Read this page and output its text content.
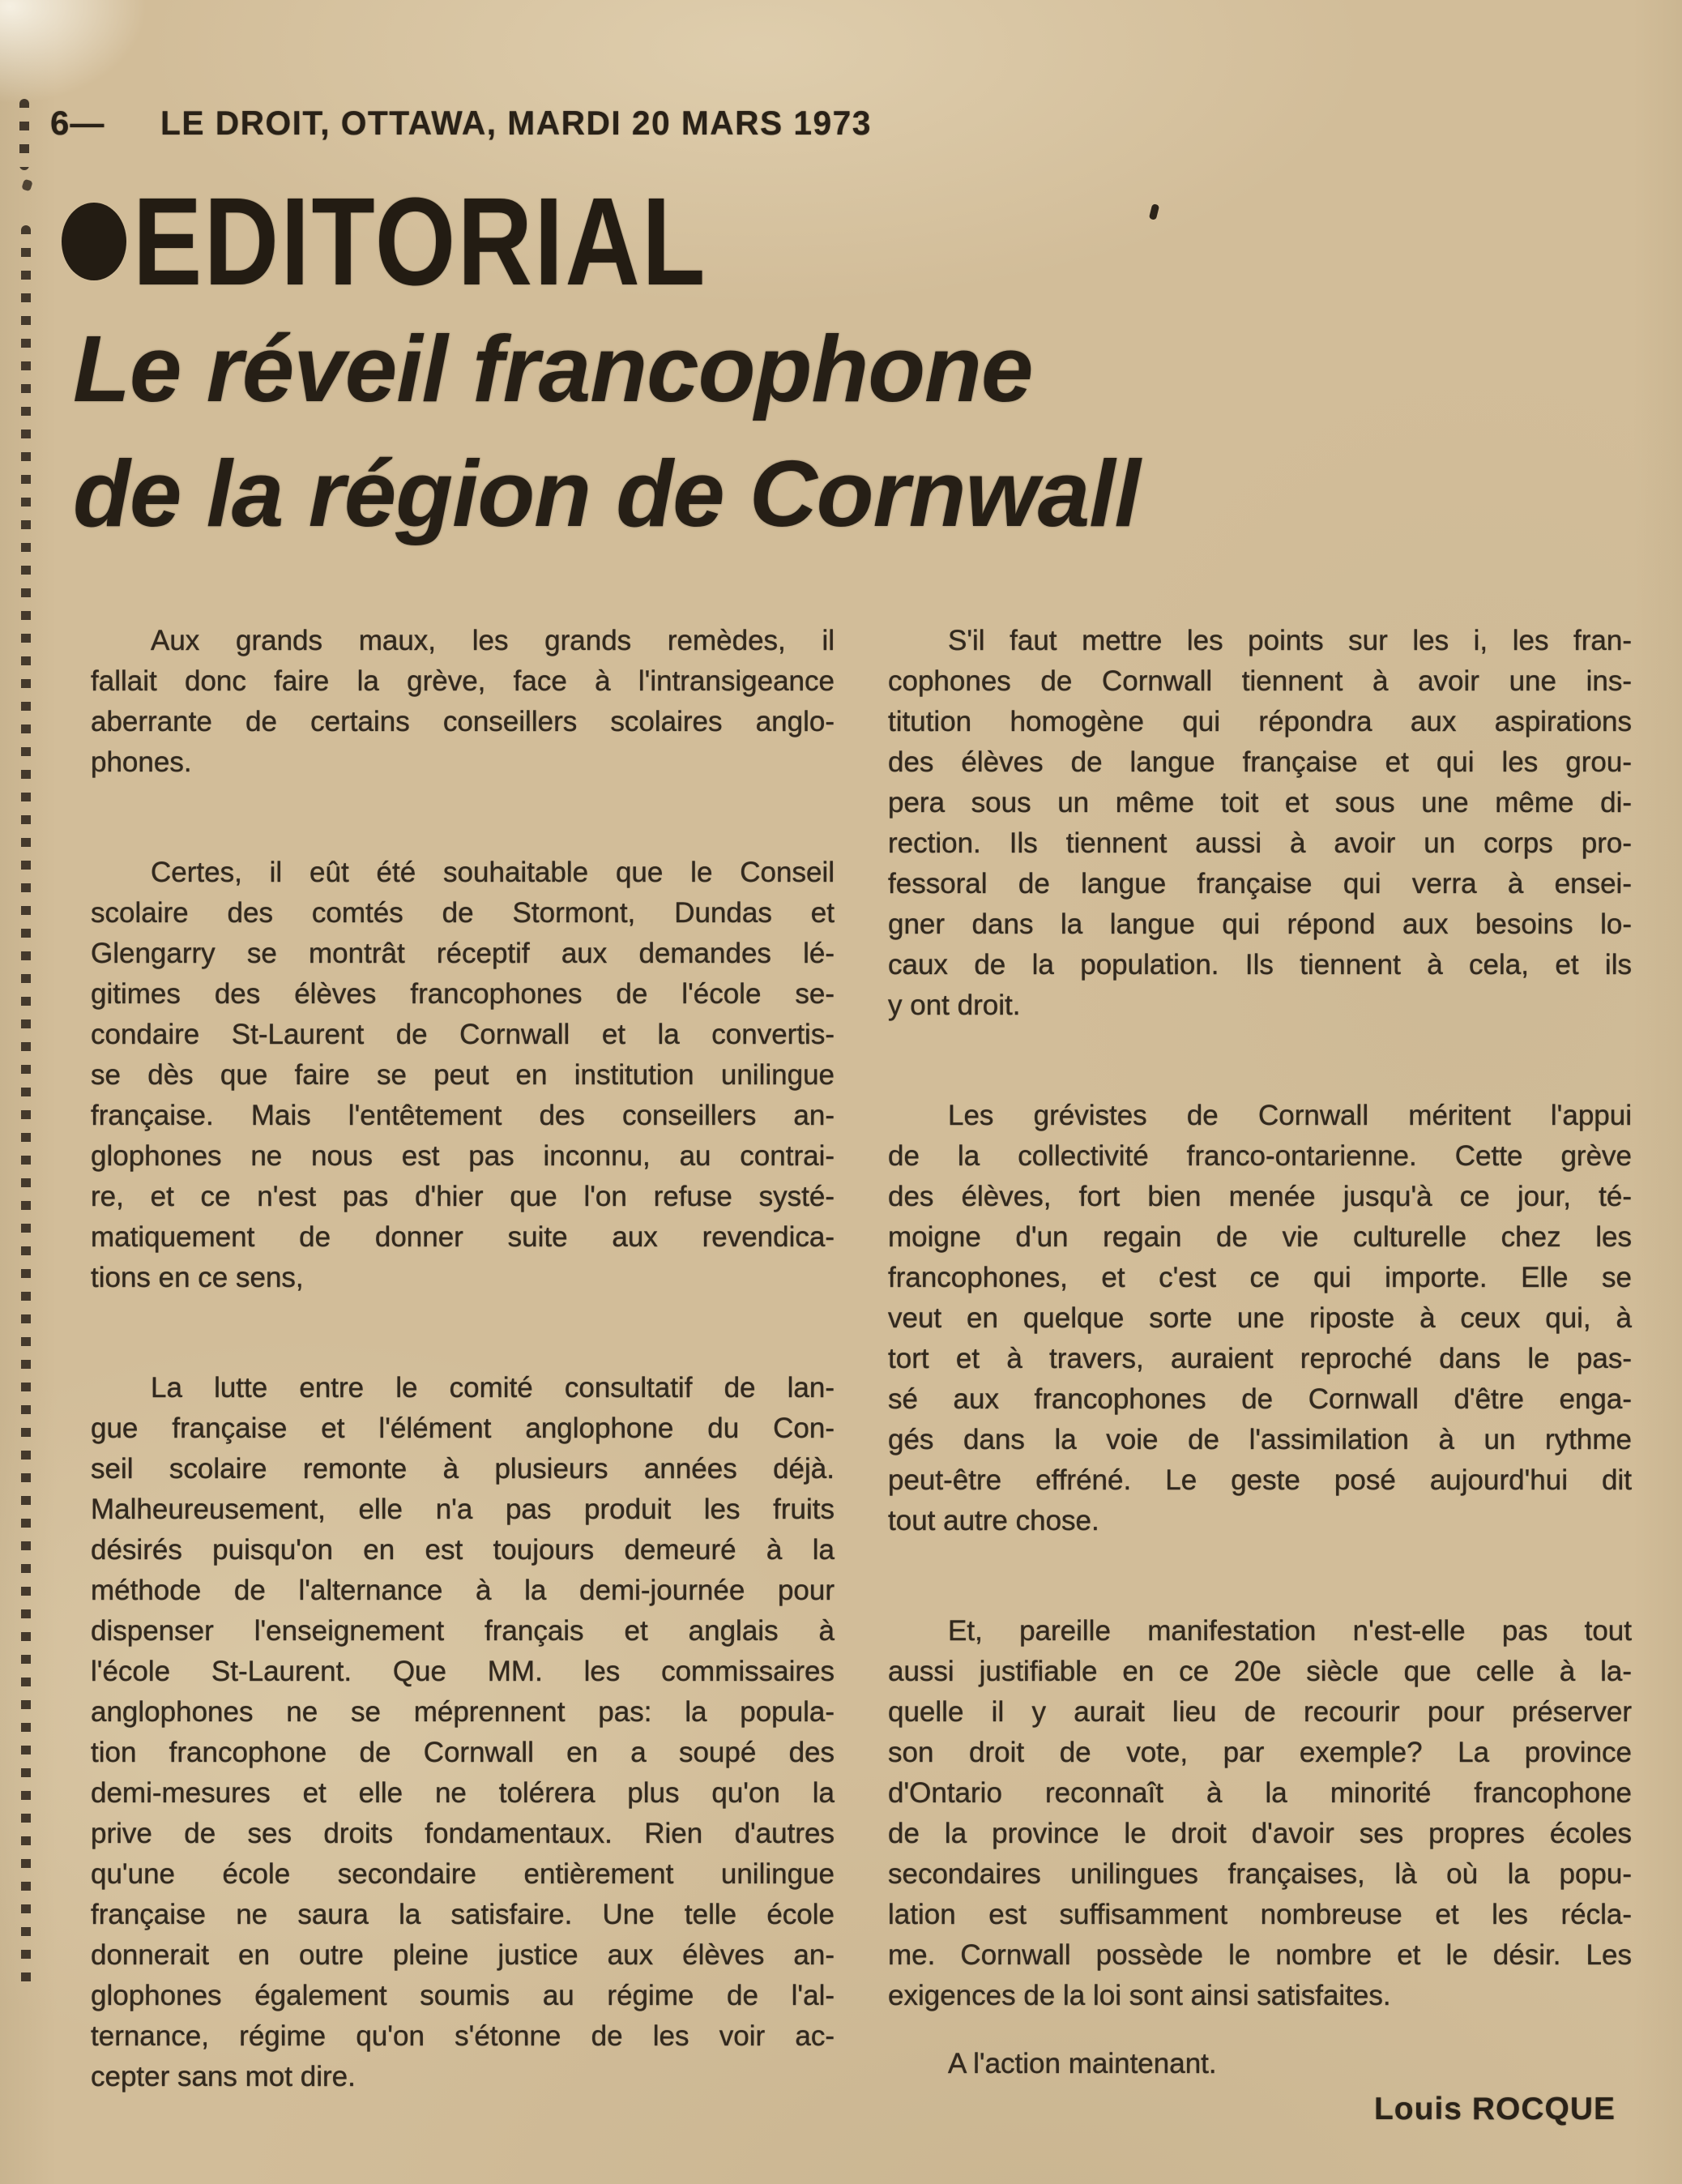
6— LE DROIT, OTTAWA, MARDI 20 MARS 1973
EDITORIAL
Le réveil francophone
de la région de Cornwall
Aux grands maux, les grands remèdes, il
fallait donc faire la grève, face à l'intransigeance
aberrante de certains conseillers scolaires anglo-
phones.
Certes, il eût été souhaitable que le Conseil
scolaire des comtés de Stormont, Dundas et
Glengarry se montrât réceptif aux demandes lé-
gitimes des élèves francophones de l'école se-
condaire St-Laurent de Cornwall et la convertis-
se dès que faire se peut en institution unilingue
française. Mais l'entêtement des conseillers an-
glophones ne nous est pas inconnu, au contrai-
re, et ce n'est pas d'hier que l'on refuse systé-
matiquement de donner suite aux revendica-
tions en ce sens,
La lutte entre le comité consultatif de lan-
gue française et l'élément anglophone du Con-
seil scolaire remonte à plusieurs années déjà.
Malheureusement, elle n'a pas produit les fruits
désirés puisqu'on en est toujours demeuré à la
méthode de l'alternance à la demi-journée pour
dispenser l'enseignement français et anglais à
l'école St-Laurent. Que MM. les commissaires
anglophones ne se méprennent pas: la popula-
tion francophone de Cornwall en a soupé des
demi-mesures et elle ne tolérera plus qu'on la
prive de ses droits fondamentaux. Rien d'autres
qu'une école secondaire entièrement unilingue
française ne saura la satisfaire. Une telle école
donnerait en outre pleine justice aux élèves an-
glophones également soumis au régime de l'al-
ternance, régime qu'on s'étonne de les voir ac-
cepter sans mot dire.
S'il faut mettre les points sur les i, les fran-
cophones de Cornwall tiennent à avoir une ins-
titution homogène qui répondra aux aspirations
des élèves de langue française et qui les grou-
pera sous un même toit et sous une même di-
rection. Ils tiennent aussi à avoir un corps pro-
fessoral de langue française qui verra à ensei-
gner dans la langue qui répond aux besoins lo-
caux de la population. Ils tiennent à cela, et ils
y ont droit.
Les grévistes de Cornwall méritent l'appui
de la collectivité franco-ontarienne. Cette grève
des élèves, fort bien menée jusqu'à ce jour, té-
moigne d'un regain de vie culturelle chez les
francophones, et c'est ce qui importe. Elle se
veut en quelque sorte une riposte à ceux qui, à
tort et à travers, auraient reproché dans le pas-
sé aux francophones de Cornwall d'être enga-
gés dans la voie de l'assimilation à un rythme
peut-être effréné. Le geste posé aujourd'hui dit
tout autre chose.
Et, pareille manifestation n'est-elle pas tout
aussi justifiable en ce 20e siècle que celle à la-
quelle il y aurait lieu de recourir pour préserver
son droit de vote, par exemple? La province
d'Ontario reconnaît à la minorité francophone
de la province le droit d'avoir ses propres écoles
secondaires unilingues françaises, là où la popu-
lation est suffisamment nombreuse et les récla-
me. Cornwall possède le nombre et le désir. Les
exigences de la loi sont ainsi satisfaites.
A l'action maintenant.
Louis ROCQUE
